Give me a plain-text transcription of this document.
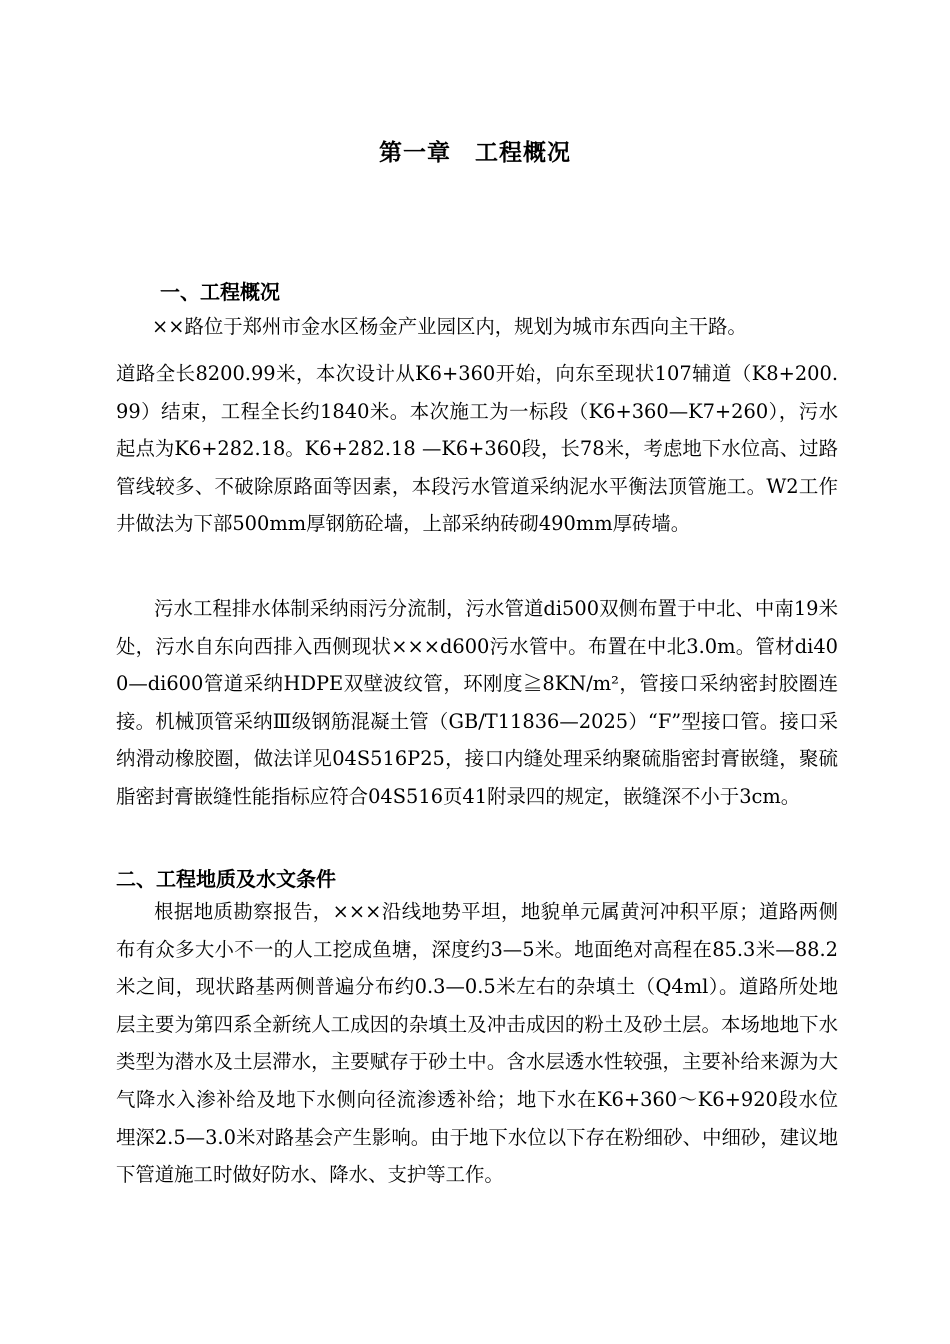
第一章　工程概况
一、工程概况

××路位于郑州市金水区杨金产业园区内，规划为城市东西向主干路。

道路全长8200.99米，本次设计从K6+360开始，向东至现状107辅道（K8+200.99）结束，工程全长约1840米。本次施工为一标段（K6+360—K7+260），污水起点为K6+282.18。K6+282.18 —K6+360段，长78米，考虑地下水位高、过路管线较多、不破除原路面等因素，本段污水管道采纳泥水平衡法顶管施工。W2工作井做法为下部500mm厚钢筋砼墙，上部采纳砖砌490mm厚砖墙。

污水工程排水体制采纳雨污分流制，污水管道di500双侧布置于中北、中南19米处，污水自东向西排入西侧现状×××d600污水管中。布置在中北3.0m。管材di400—di600管道采纳HDPE双壁波纹管，环刚度≧8KN/m²，管接口采纳密封胶圈连接。机械顶管采纳Ⅲ级钢筋混凝土管（GB/T11836—2025）“F”型接口管。接口采纳滑动橡胶圈，做法详见04S516P25，接口内缝处理采纳聚硫脂密封膏嵌缝，聚硫脂密封膏嵌缝性能指标应符合04S516页41附录四的规定，嵌缝深不小于3cm。

二、工程地质及水文条件

根据地质勘察报告，×××沿线地势平坦，地貌单元属黄河冲积平原；道路两侧布有众多大小不一的人工挖成鱼塘，深度约3—5米。地面绝对高程在85.3米—88.2米之间，现状路基两侧普遍分布约0.3—0.5米左右的杂填土（Q4ml）。道路所处地层主要为第四系全新统人工成因的杂填土及冲击成因的粉土及砂土层。本场地地下水类型为潜水及土层滞水，主要赋存于砂土中。含水层透水性较强，主要补给来源为大气降水入渗补给及地下水侧向径流渗透补给；地下水在K6+360～K6+920段水位埋深2.5—3.0米对路基会产生影响。由于地下水位以下存在粉细砂、中细砂，建议地下管道施工时做好防水、降水、支护等工作。
